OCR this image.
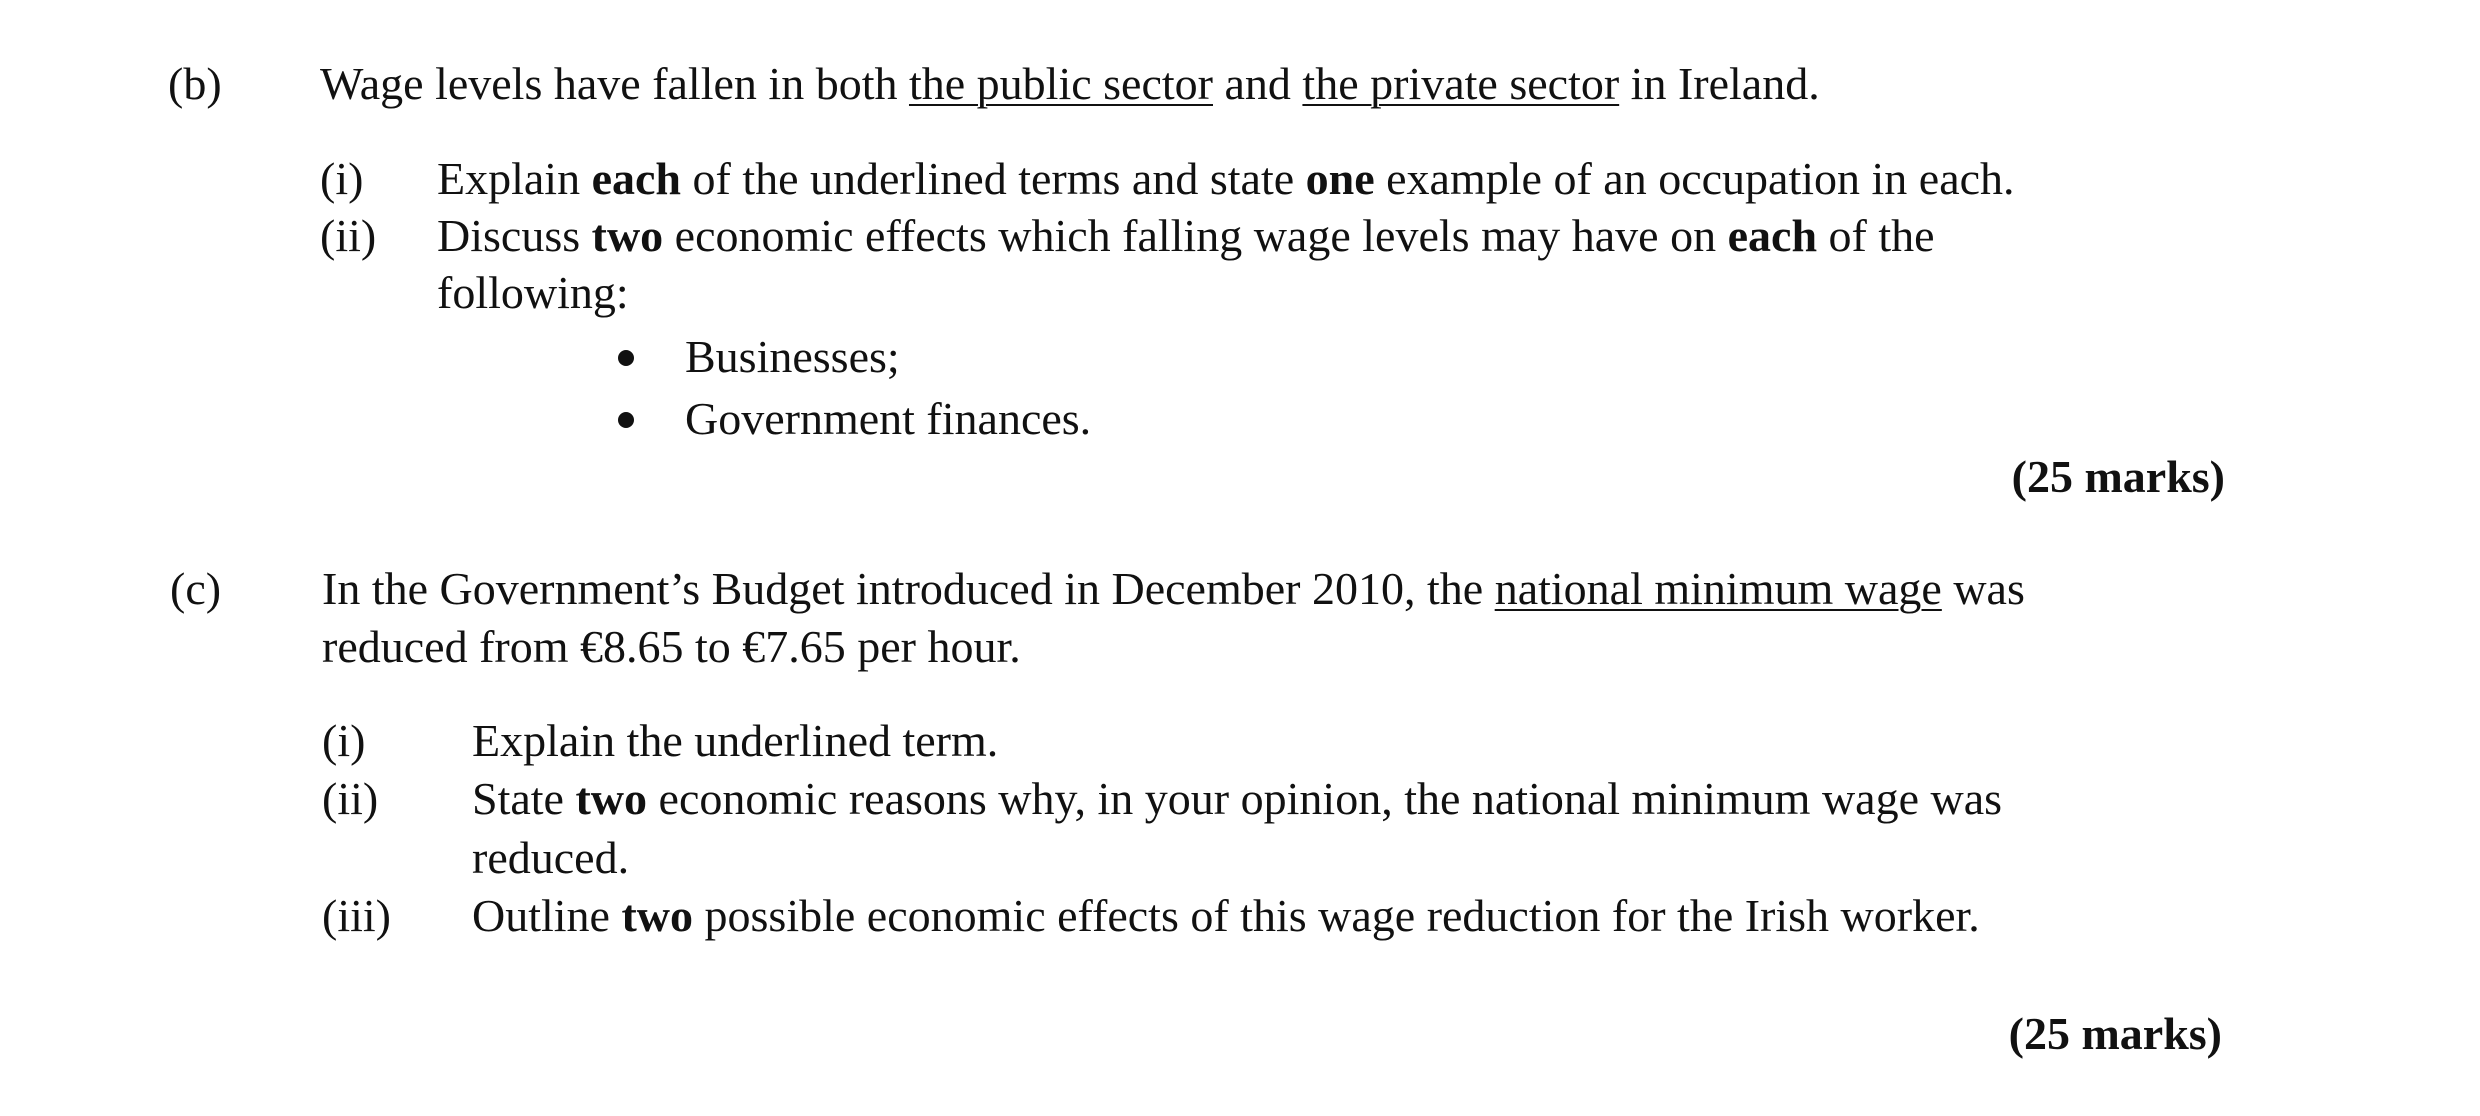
(b) Wage levels have fallen in both the public sector and the private sector in Ireland.
(i) Explain each of the underlined terms and state one example of an occupation in each.
(ii) Discuss two economic effects which falling wage levels may have on each of the
following:
Businesses;
Government finances.
(25 marks)
(c) In the Government’s Budget introduced in December 2010, the national minimum wage was
reduced from €8.65 to €7.65 per hour.
(i) Explain the underlined term.
(ii) State two economic reasons why, in your opinion, the national minimum wage was
reduced.
(iii) Outline two possible economic effects of this wage reduction for the Irish worker.
(25 marks)
